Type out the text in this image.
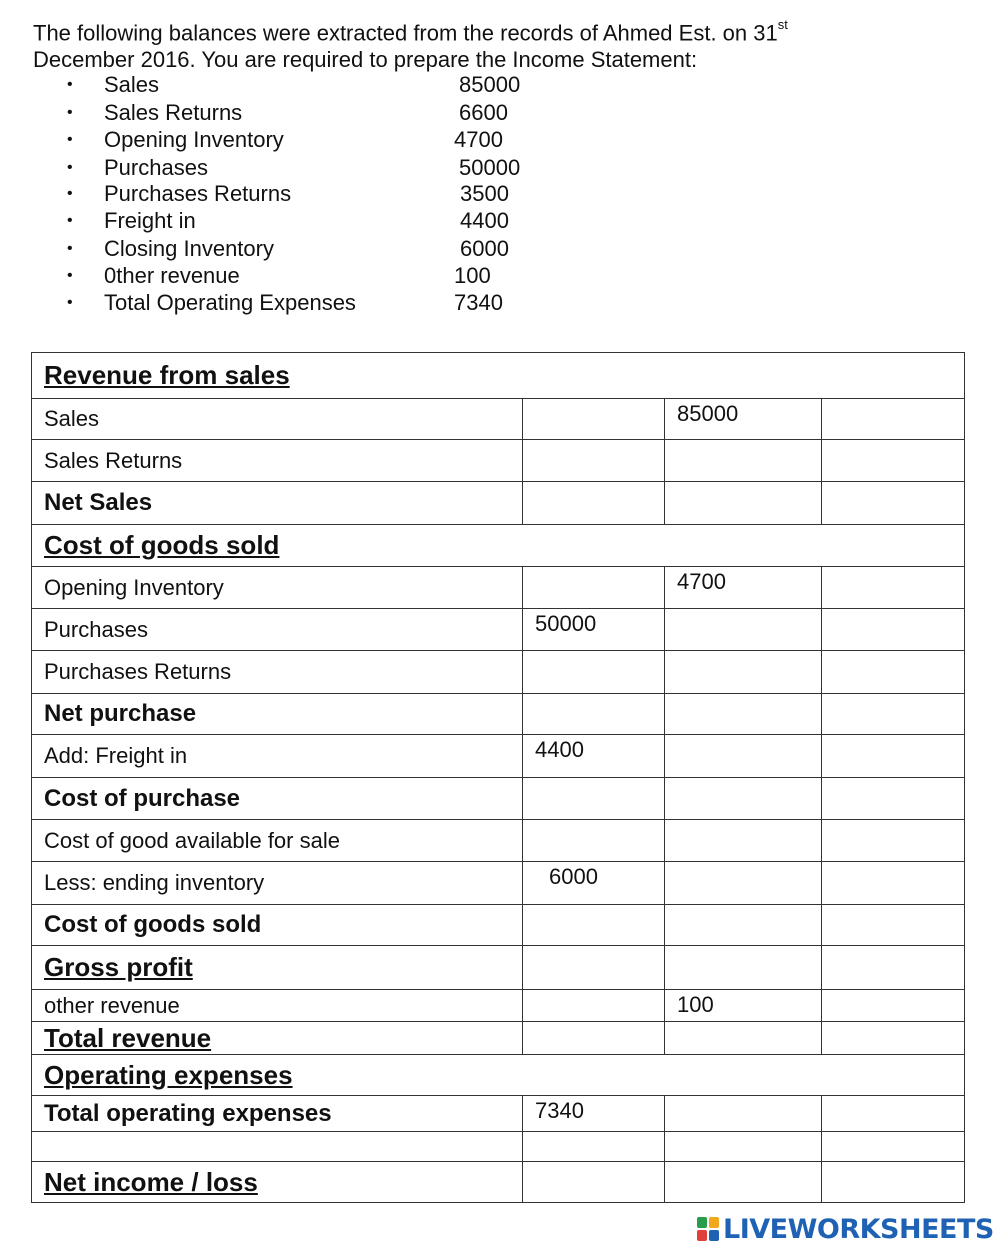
The following balances were extracted from the records of Ahmed Est. on 31st
December 2016. You are required to prepare the Income Statement:
• Sales	85000
• Sales Returns	6600
• Opening Inventory	4700
• Purchases	50000
• Purchases Returns	3500
• Freight in	4400
• Closing Inventory	6000
• 0ther revenue	100
• Total Operating Expenses	7340
Revenue from sales			
Sales		85000	
Sales Returns			
Net Sales			
Cost of goods sold			
Opening Inventory		4700	
Purchases	50000		
Purchases Returns			
Net purchase			
Add: Freight in	4400		
Cost of purchase			
Cost of good available for sale			
Less: ending inventory	6000		
Cost of goods sold			
Gross profit			
other revenue		100	
Total revenue			
Operating expenses			
Total operating expenses	7340		

Net income / loss			
LIVEWORKSHEETS
